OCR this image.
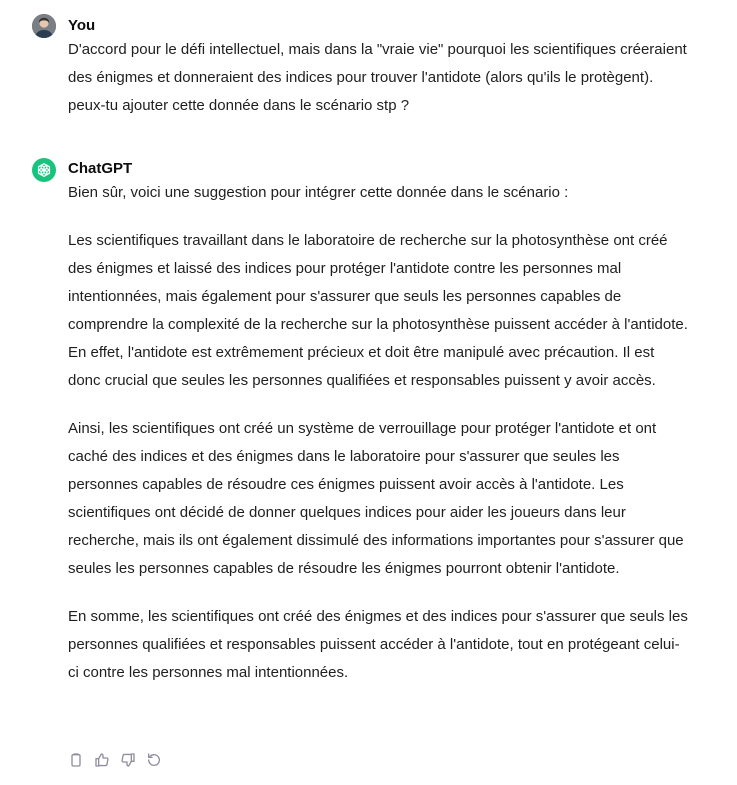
You

D'accord pour le défi intellectuel, mais dans la "vraie vie" pourquoi les scientifiques créeraient des énigmes et donneraient des indices pour trouver l'antidote (alors qu'ils le protègent). peux-tu ajouter cette donnée dans le scénario stp ?

ChatGPT

Bien sûr, voici une suggestion pour intégrer cette donnée dans le scénario :

Les scientifiques travaillant dans le laboratoire de recherche sur la photosynthèse ont créé des énigmes et laissé des indices pour protéger l'antidote contre les personnes mal intentionnées, mais également pour s'assurer que seuls les personnes capables de comprendre la complexité de la recherche sur la photosynthèse puissent accéder à l'antidote. En effet, l'antidote est extrêmement précieux et doit être manipulé avec précaution. Il est donc crucial que seules les personnes qualifiées et responsables puissent y avoir accès.

Ainsi, les scientifiques ont créé un système de verrouillage pour protéger l'antidote et ont caché des indices et des énigmes dans le laboratoire pour s'assurer que seules les personnes capables de résoudre ces énigmes puissent avoir accès à l'antidote. Les scientifiques ont décidé de donner quelques indices pour aider les joueurs dans leur recherche, mais ils ont également dissimulé des informations importantes pour s'assurer que seules les personnes capables de résoudre les énigmes pourront obtenir l'antidote.

En somme, les scientifiques ont créé des énigmes et des indices pour s'assurer que seuls les personnes qualifiées et responsables puissent accéder à l'antidote, tout en protégeant celui-ci contre les personnes mal intentionnées.
